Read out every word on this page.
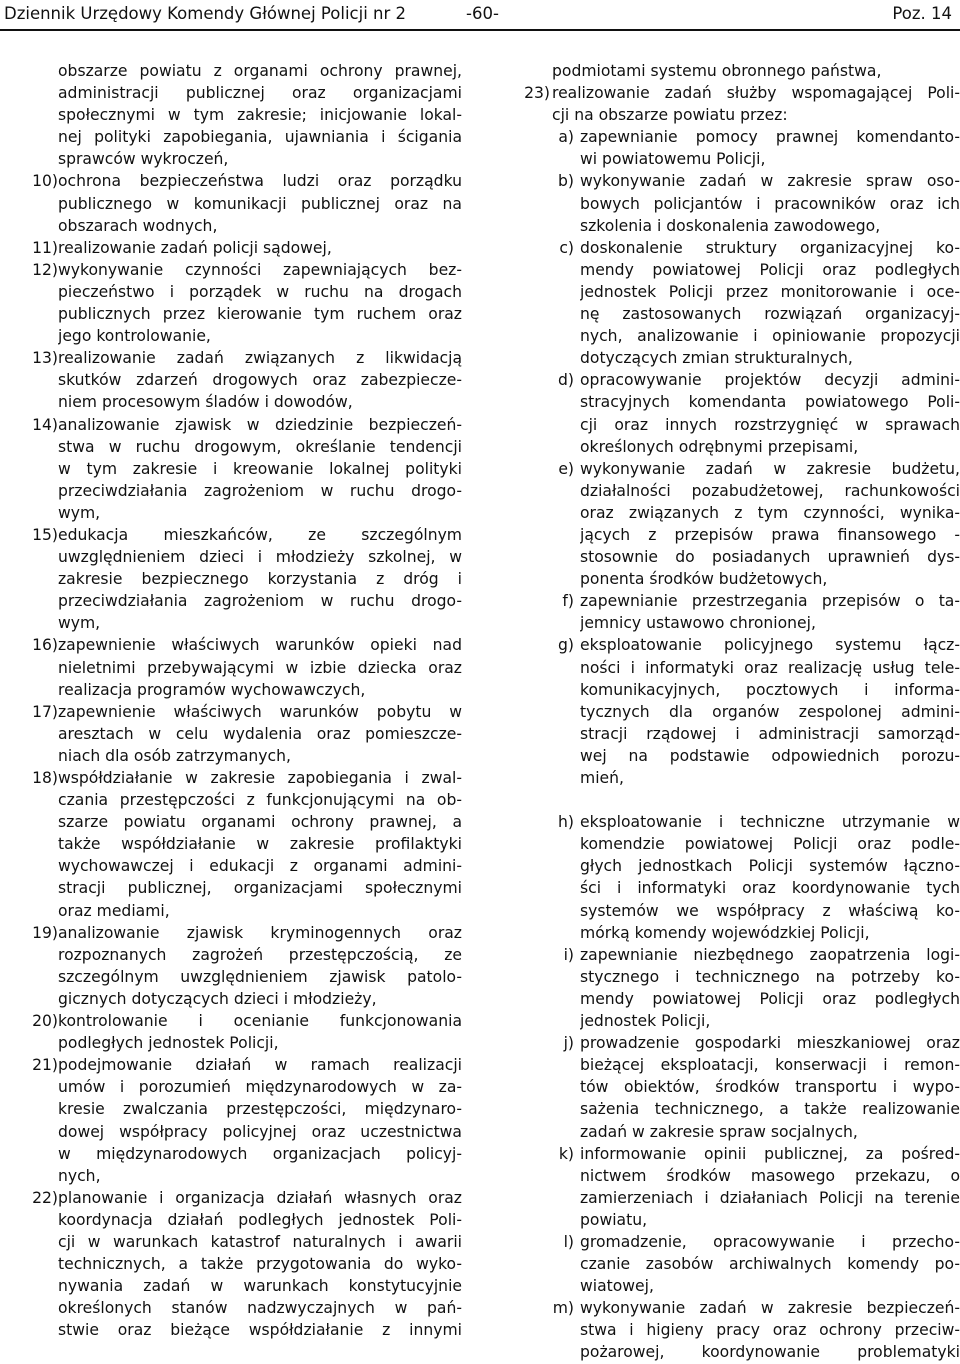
Dziennik Urzędowy Komendy Głównej Policji nr 2	-60-	Poz. 14
obszarze powiatu z organami ochrony prawnej,
administracji publicznej oraz organizacjami
społecznymi w tym zakresie; inicjowanie lokal-
nej polityki zapobiegania, ujawniania i ścigania
sprawców wykroczeń,
10) ochrona bezpieczeństwa ludzi oraz porządku
publicznego w komunikacji publicznej oraz na
obszarach wodnych,
11) realizowanie zadań policji sądowej,
12) wykonywanie czynności zapewniających bez-
pieczeństwo i porządek w ruchu na drogach
publicznych przez kierowanie tym ruchem oraz
jego kontrolowanie,
13) realizowanie zadań związanych z likwidacją
skutków zdarzeń drogowych oraz zabezpiecze-
niem procesowym śladów i dowodów,
14) analizowanie zjawisk w dziedzinie bezpieczeń-
stwa w ruchu drogowym, określanie tendencji
w tym zakresie i kreowanie lokalnej polityki
przeciwdziałania zagrożeniom w ruchu drogo-
wym,
15) edukacja mieszkańców, ze szczególnym
uwzględnieniem dzieci i młodzieży szkolnej, w
zakresie bezpiecznego korzystania z dróg i
przeciwdziałania zagrożeniom w ruchu drogo-
wym,
16) zapewnienie właściwych warunków opieki nad
nieletnimi przebywającymi w izbie dziecka oraz
realizacja programów wychowawczych,
17) zapewnienie właściwych warunków pobytu w
aresztach w celu wydalenia oraz pomieszcze-
niach dla osób zatrzymanych,
18) współdziałanie w zakresie zapobiegania i zwal-
czania przestępczości z funkcjonującymi na ob-
szarze powiatu organami ochrony prawnej, a
także współdziałanie w zakresie profilaktyki
wychowawczej i edukacji z organami admini-
stracji publicznej, organizacjami społecznymi
oraz mediami,
19) analizowanie zjawisk kryminogennych oraz
rozpoznanych zagrożeń przestępczością, ze
szczególnym uwzględnieniem zjawisk patolo-
gicznych dotyczących dzieci i młodzieży,
20) kontrolowanie i ocenianie funkcjonowania
podległych jednostek Policji,
21) podejmowanie działań w ramach realizacji
umów i porozumień międzynarodowych w za-
kresie zwalczania przestępczości, międzynaro-
dowej współpracy policyjnej oraz uczestnictwa
w międzynarodowych organizacjach policyj-
nych,
22) planowanie i organizacja działań własnych oraz
koordynacja działań podległych jednostek Poli-
cji w warunkach katastrof naturalnych i awarii
technicznych, a także przygotowania do wyko-
nywania zadań w warunkach konstytucyjnie
określonych stanów nadzwyczajnych w pań-
stwie oraz bieżące współdziałanie z innymi
podmiotami systemu obronnego państwa,
23) realizowanie zadań służby wspomagającej Poli-
cji na obszarze powiatu przez:
a) zapewnianie pomocy prawnej komendanto-
wi powiatowemu Policji,
b) wykonywanie zadań w zakresie spraw oso-
bowych policjantów i pracowników oraz ich
szkolenia i doskonalenia zawodowego,
c) doskonalenie struktury organizacyjnej ko-
mendy powiatowej Policji oraz podległych
jednostek Policji przez monitorowanie i oce-
nę zastosowanych rozwiązań organizacyj-
nych, analizowanie i opiniowanie propozycji
dotyczących zmian strukturalnych,
d) opracowywanie projektów decyzji admini-
stracyjnych komendanta powiatowego Poli-
cji oraz innych rozstrzygnięć w sprawach
określonych odrębnymi przepisami,
e) wykonywanie zadań w zakresie budżetu,
działalności pozabudżetowej, rachunkowości
oraz związanych z tym czynności, wynika-
jących z przepisów prawa finansowego -
stosownie do posiadanych uprawnień dys-
ponenta środków budżetowych,
f) zapewnianie przestrzegania przepisów o ta-
jemnicy ustawowo chronionej,
g) eksploatowanie policyjnego systemu łącz-
ności i informatyki oraz realizację usług tele-
komunikacyjnych, pocztowych i informa-
tycznych dla organów zespolonej admini-
stracji rządowej i administracji samorząd-
wej na podstawie odpowiednich porozu-
mień,
h) eksploatowanie i techniczne utrzymanie w
komendzie powiatowej Policji oraz podle-
głych jednostkach Policji systemów łączno-
ści i informatyki oraz koordynowanie tych
systemów we współpracy z właściwą ko-
mórką komendy wojewódzkiej Policji,
i) zapewnianie niezbędnego zaopatrzenia logi-
stycznego i technicznego na potrzeby ko-
mendy powiatowej Policji oraz podległych
jednostek Policji,
j) prowadzenie gospodarki mieszkaniowej oraz
bieżącej eksploatacji, konserwacji i remon-
tów obiektów, środków transportu i wypo-
sażenia technicznego, a także realizowanie
zadań w zakresie spraw socjalnych,
k) informowanie opinii publicznej, za pośred-
nictwem środków masowego przekazu, o
zamierzeniach i działaniach Policji na terenie
powiatu,
l) gromadzenie, opracowywanie i przecho-
czanie zasobów archiwalnych komendy po-
wiatowej,
m) wykonywanie zadań w zakresie bezpieczeń-
stwa i higieny pracy oraz ochrony przeciw-
pożarowej, koordynowanie problematyki
